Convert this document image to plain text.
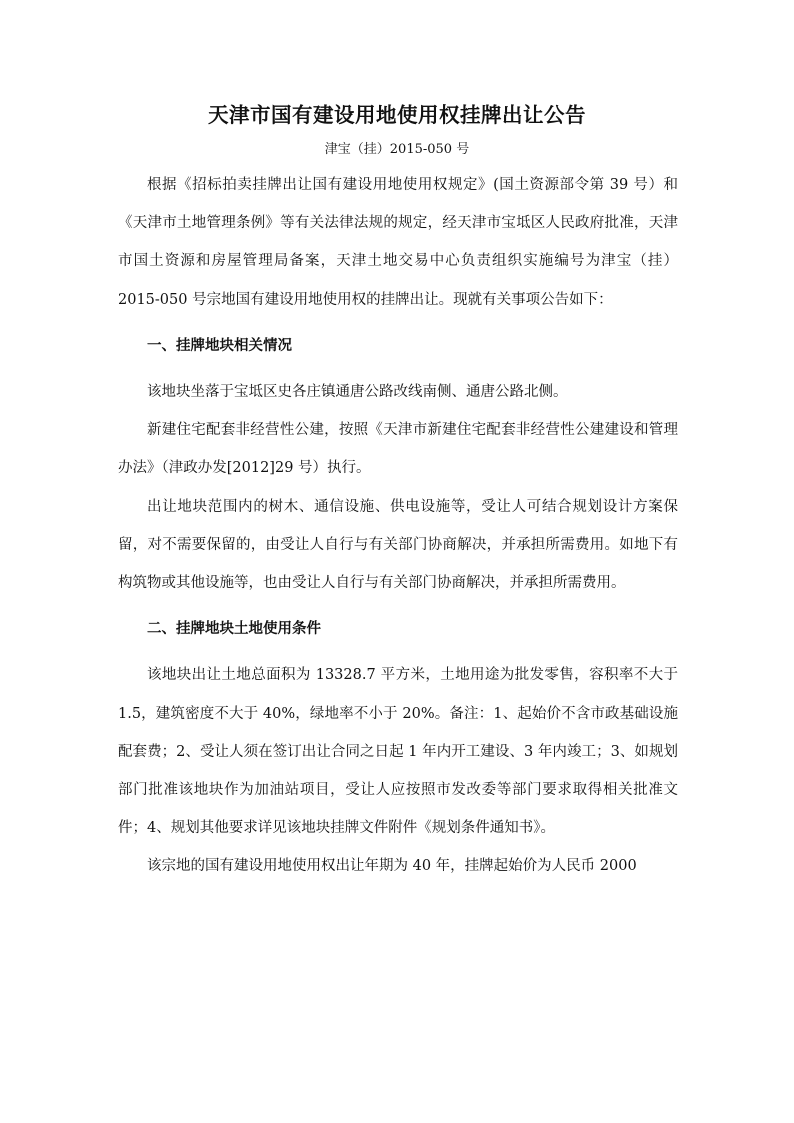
天津市国有建设用地使用权挂牌出让公告
津宝（挂）2015-050 号

根据《招标拍卖挂牌出让国有建设用地使用权规定》(国土资源部令第 39 号）和《天津市土地管理条例》等有关法律法规的规定，经天津市宝坻区人民政府批准，天津市国土资源和房屋管理局备案，天津土地交易中心负责组织实施编号为津宝（挂）2015-050 号宗地国有建设用地使用权的挂牌出让。现就有关事项公告如下：

一、挂牌地块相关情况

该地块坐落于宝坻区史各庄镇通唐公路改线南侧、通唐公路北侧。

新建住宅配套非经营性公建，按照《天津市新建住宅配套非经营性公建建设和管理办法》（津政办发[2012]29 号）执行。

出让地块范围内的树木、通信设施、供电设施等，受让人可结合规划设计方案保留，对不需要保留的，由受让人自行与有关部门协商解决，并承担所需费用。如地下有构筑物或其他设施等，也由受让人自行与有关部门协商解决，并承担所需费用。

二、挂牌地块土地使用条件

该地块出让土地总面积为 13328.7 平方米，土地用途为批发零售，容积率不大于 1.5，建筑密度不大于 40%，绿地率不小于 20%。备注：1、起始价不含市政基础设施配套费；2、受让人须在签订出让合同之日起 1 年内开工建设、3 年内竣工；3、如规划部门批准该地块作为加油站项目，受让人应按照市发改委等部门要求取得相关批准文件；4、规划其他要求详见该地块挂牌文件附件《规划条件通知书》。

该宗地的国有建设用地使用权出让年期为 40 年，挂牌起始价为人民币 2000
